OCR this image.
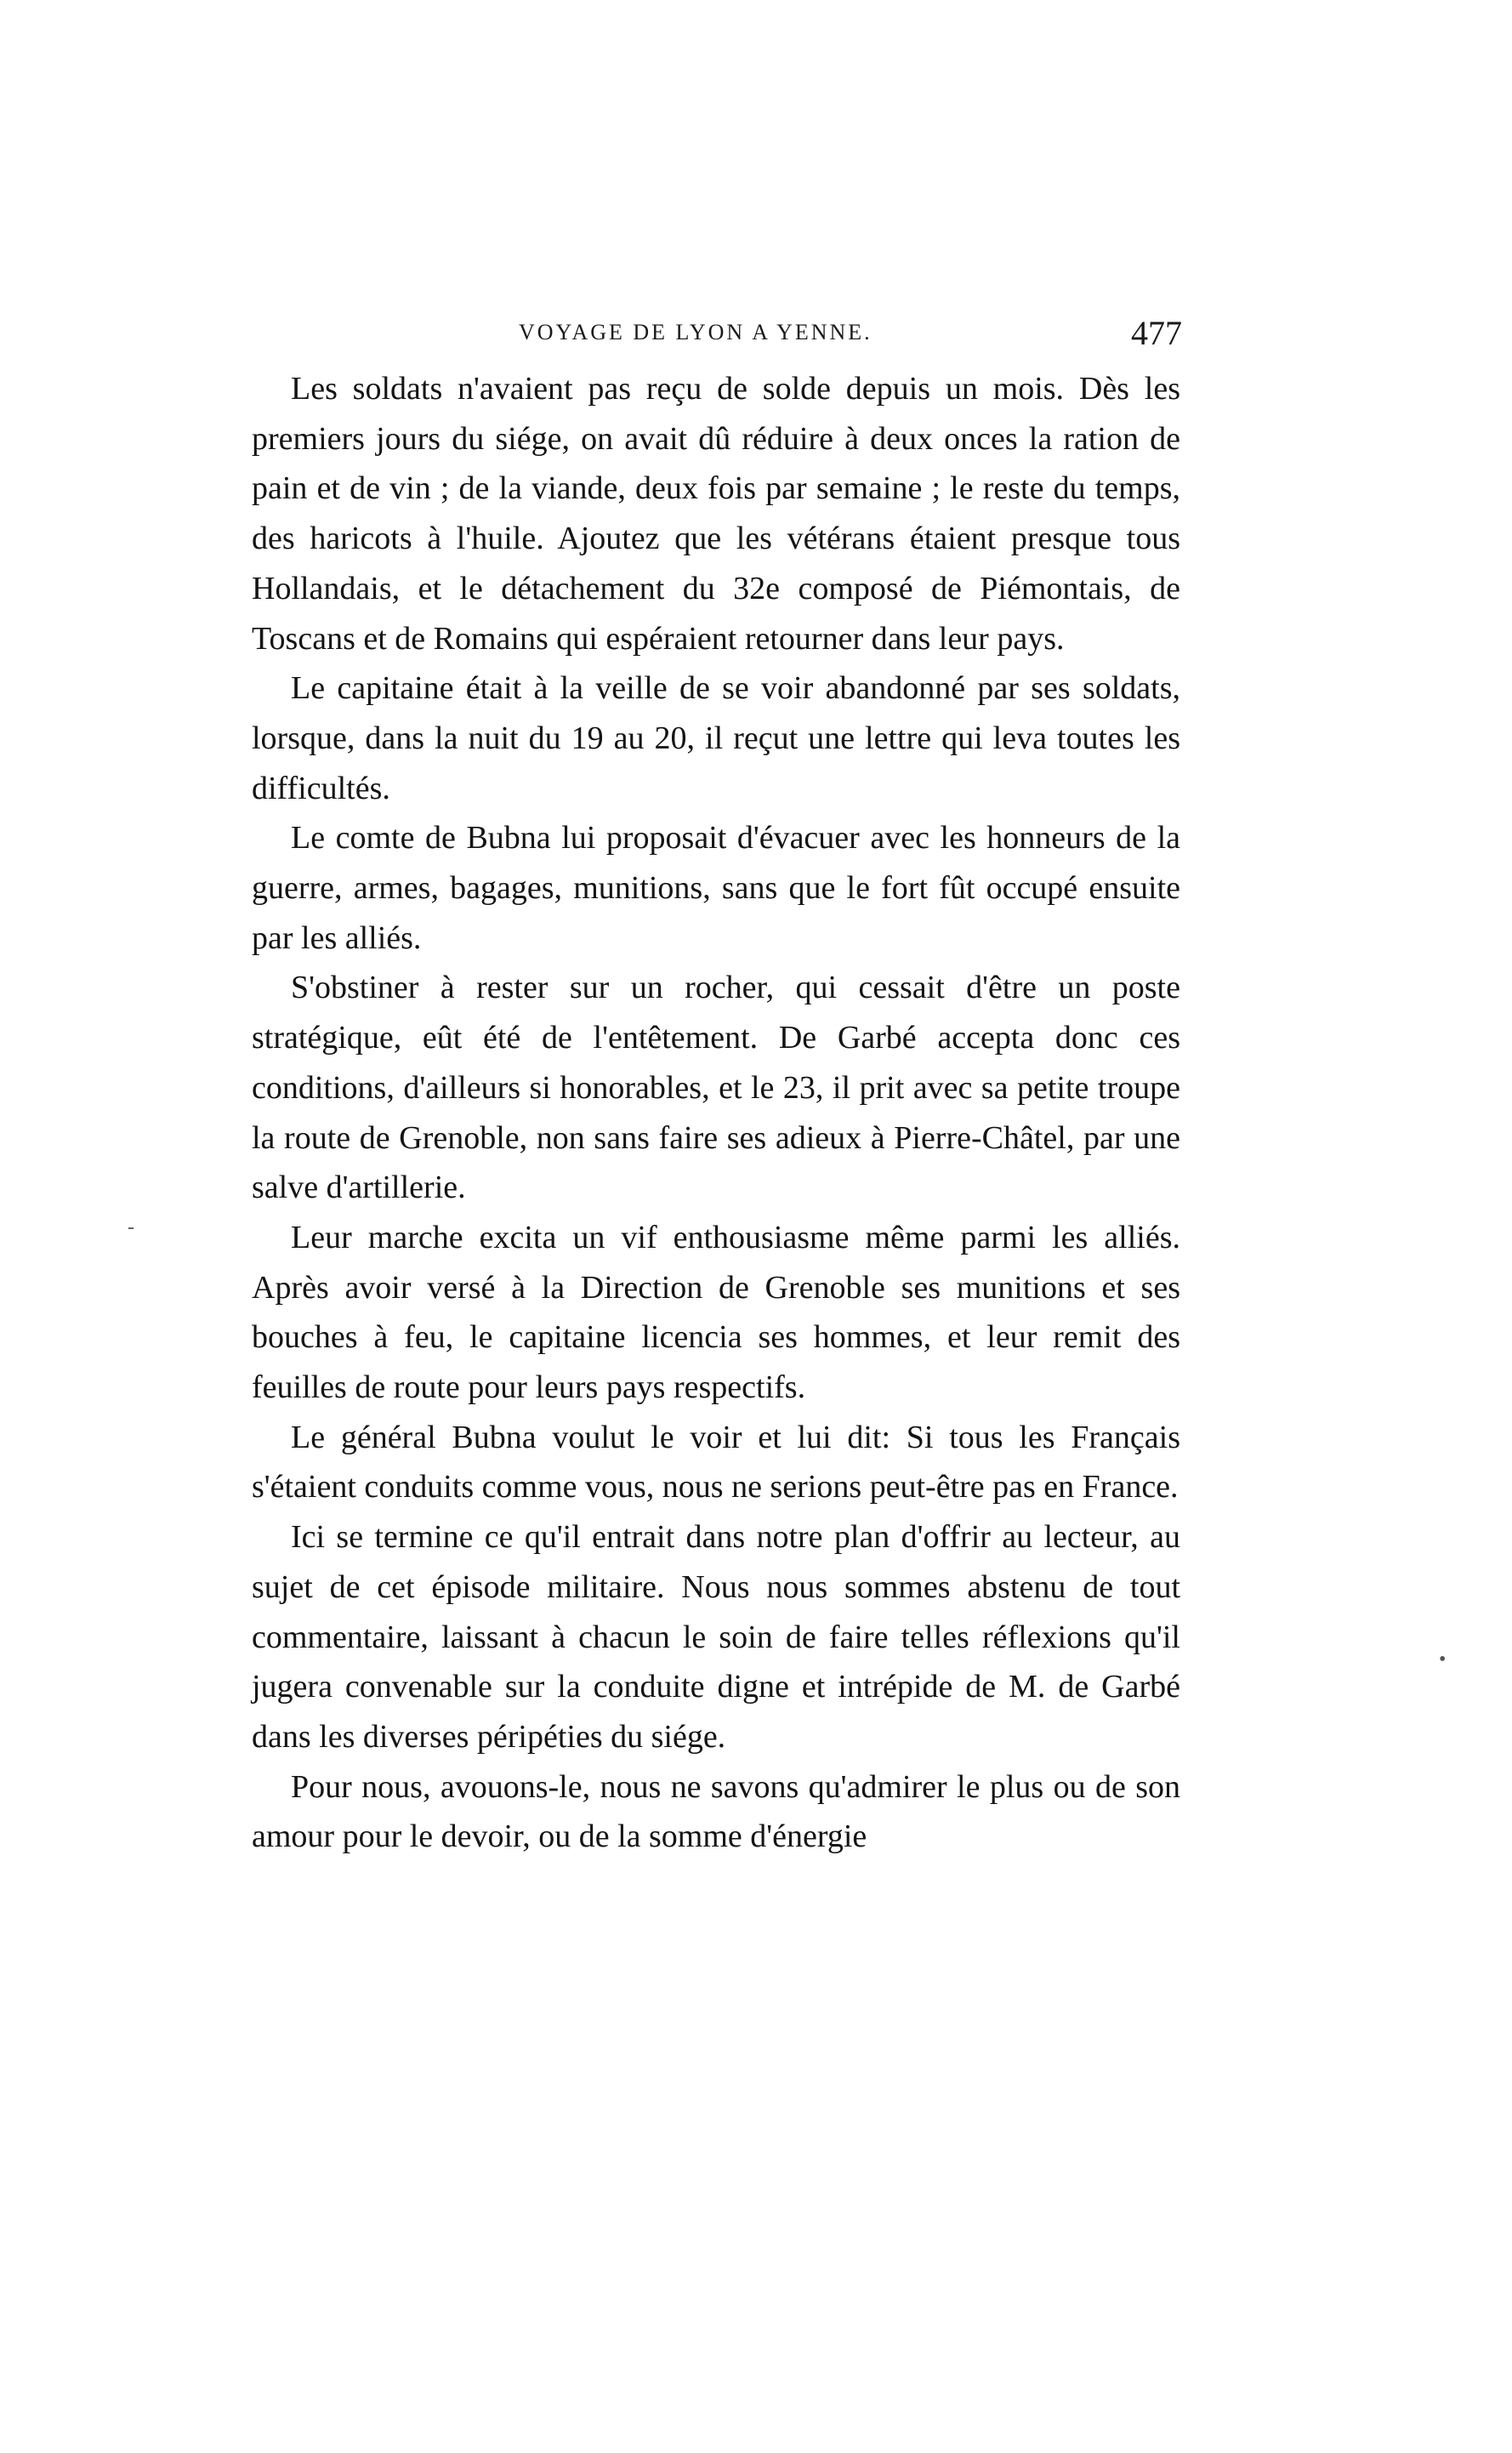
VOYAGE DE LYON A YENNE.	477

Les soldats n'avaient pas reçu de solde depuis un mois. Dès les premiers jours du siége, on avait dû réduire à deux onces la ration de pain et de vin ; de la viande, deux fois par semaine ; le reste du temps, des haricots à l'huile. Ajoutez que les vétérans étaient presque tous Hollandais, et le détachement du 32e composé de Piémontais, de Toscans et de Romains qui espéraient retourner dans leur pays.

Le capitaine était à la veille de se voir abandonné par ses soldats, lorsque, dans la nuit du 19 au 20, il reçut une lettre qui leva toutes les difficultés.

Le comte de Bubna lui proposait d'évacuer avec les honneurs de la guerre, armes, bagages, munitions, sans que le fort fût occupé ensuite par les alliés.

S'obstiner à rester sur un rocher, qui cessait d'être un poste stratégique, eût été de l'entêtement. De Garbé accepta donc ces conditions, d'ailleurs si honorables, et le 23, il prit avec sa petite troupe la route de Grenoble, non sans faire ses adieux à Pierre-Châtel, par une salve d'artillerie.

Leur marche excita un vif enthousiasme même parmi les alliés. Après avoir versé à la Direction de Grenoble ses munitions et ses bouches à feu, le capitaine licencia ses hommes, et leur remit des feuilles de route pour leurs pays respectifs.

Le général Bubna voulut le voir et lui dit: Si tous les Français s'étaient conduits comme vous, nous ne serions peut-être pas en France.

Ici se termine ce qu'il entrait dans notre plan d'offrir au lecteur, au sujet de cet épisode militaire. Nous nous sommes abstenu de tout commentaire, laissant à chacun le soin de faire telles réflexions qu'il jugera convenable sur la conduite digne et intrépide de M. de Garbé dans les diverses péripéties du siége.

Pour nous, avouons-le, nous ne savons qu'admirer le plus ou de son amour pour le devoir, ou de la somme d'énergie

-
•
